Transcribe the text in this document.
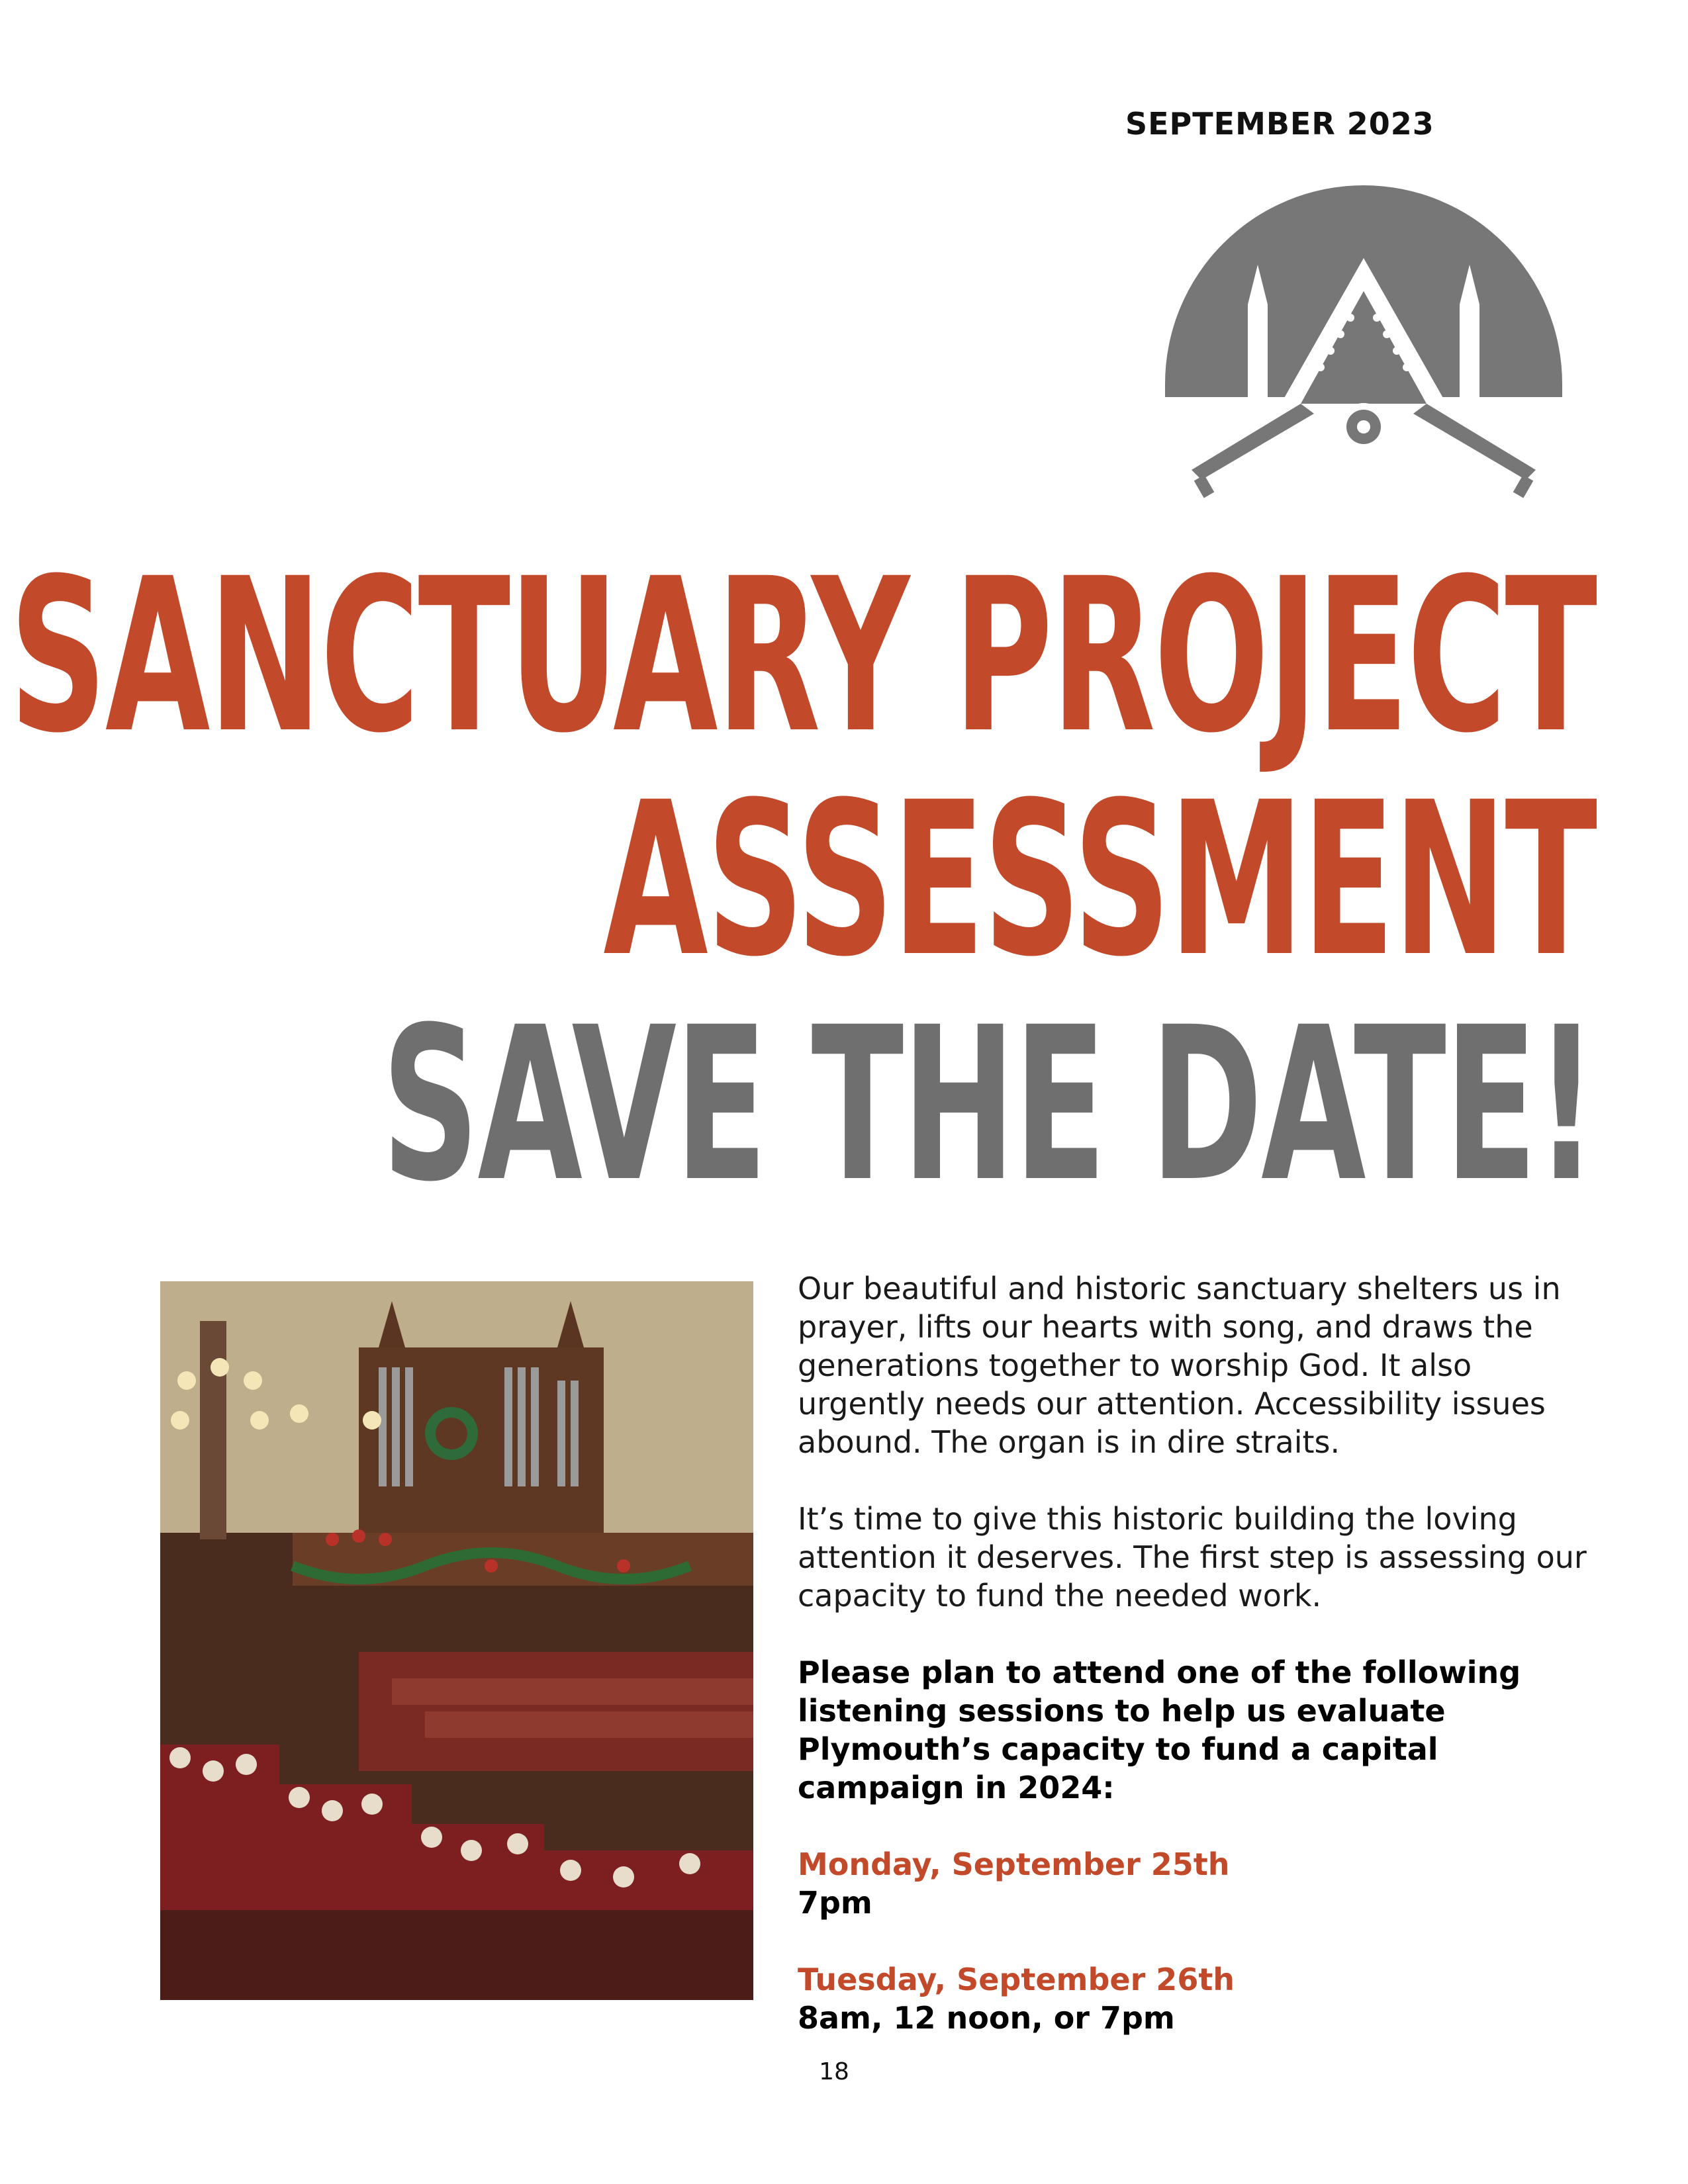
SEPTEMBER 2023
SANCTUARY PROJECT
ASSESSMENT
SAVE THE DATE!

Our beautiful and historic sanctuary shelters us in prayer, lifts our hearts with song, and draws the generations together to worship God. It also urgently needs our attention. Accessibility issues abound. The organ is in dire straits.

It’s time to give this historic building the loving attention it deserves. The first step is assessing our capacity to fund the needed work.

Please plan to attend one of the following listening sessions to help us evaluate Plymouth’s capacity to fund a capital campaign in 2024:

Monday, September 25th
7pm
Tuesday, September 26th
8am, 12 noon, or 7pm
18
